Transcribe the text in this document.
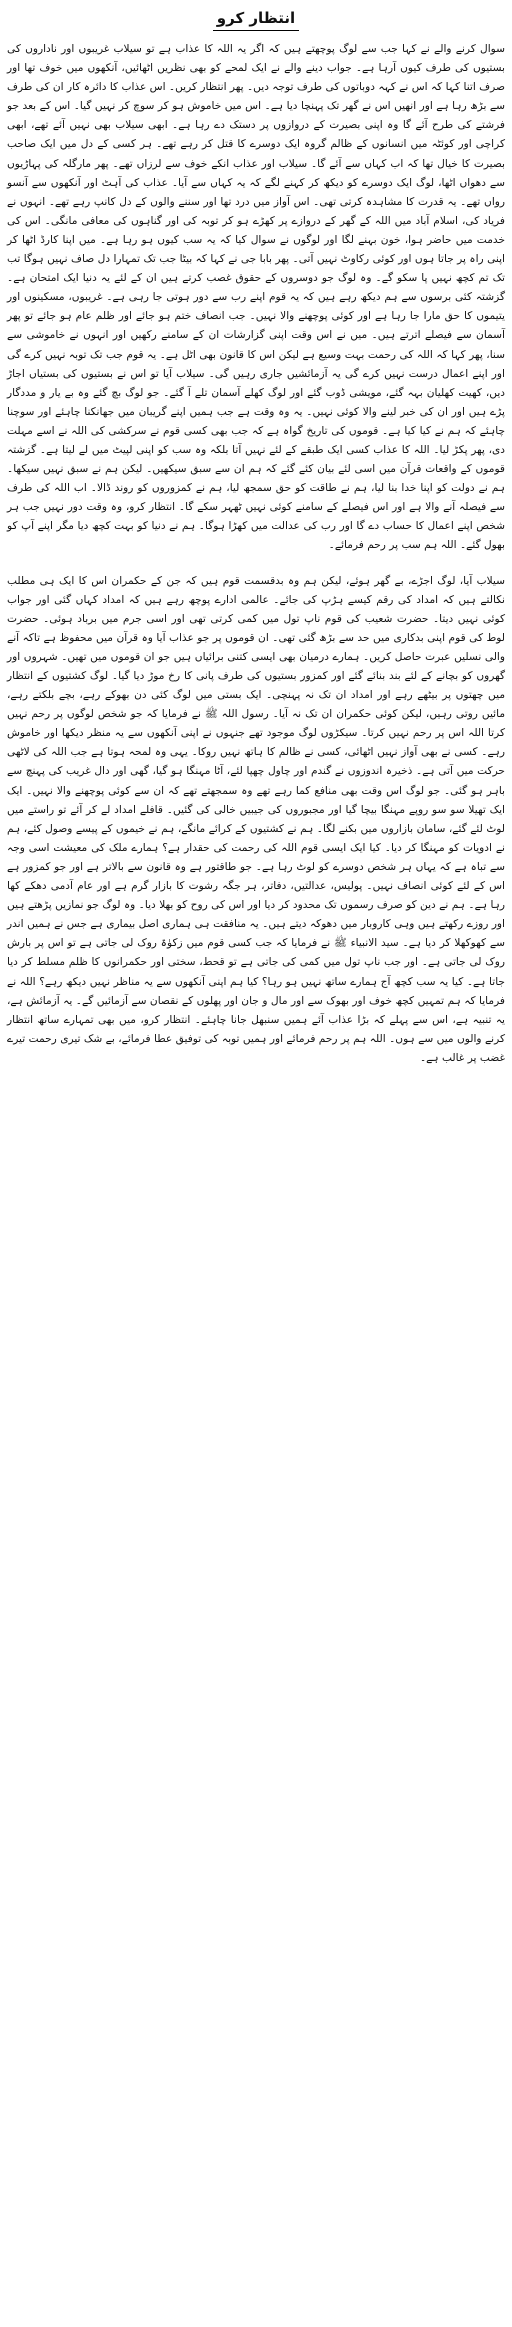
انتظار کرو

سوال کرنے والے نے کہا جب سے لوگ پوچھتے ہیں کہ اگر یہ اللہ کا عذاب ہے تو سیلاب غریبوں اور ناداروں کی بستیوں کی طرف کیوں آرہا ہے۔ جواب دینے والے نے ایک لمحے کو بھی نظریں اٹھائیں، آنکھوں میں خوف تھا اور صرف اتنا کہا کہ اس نے کہہ دوباتوں کی طرف توجہ دیں۔ پھر انتظار کریں۔ اس عذاب کا دائرہ کار ان کی طرف سے بڑھ رہا ہے اور انھیں اس نے گھر تک پہنچا دیا ہے۔ اس میں خاموش ہو کر سوچ کر نہیں گیا۔ اس کے بعد جو فرشتے کی طرح آئے گا وہ اپنی بصیرت کے دروازوں پر دستک دے رہا ہے۔ ابھی سیلاب بھی نہیں آئے تھے، ابھی کراچی اور کوئٹہ میں انسانوں کے ظالم گروہ ایک دوسرے کا قتل کر رہے تھے۔ ہر کسی کے دل میں ایک صاحب بصیرت کا خیال تھا کہ اب کہاں سے آئے گا۔ سیلاب اور عذاب انکے خوف سے لرزاں تھے۔ پھر مارگلہ کی پہاڑیوں سے دھواں اٹھا، لوگ ایک دوسرے کو دیکھ کر کہنے لگے کہ یہ کہاں سے آیا۔ عذاب کی آہٹ اور آنکھوں سے آنسو رواں تھے۔ یہ قدرت کا مشاہدہ کرتی تھی۔ اس آواز میں درد تھا اور سننے والوں کے دل کانپ رہے تھے۔ انہوں نے فریاد کی، اسلام آباد میں اللہ کے گھر کے دروازے پر کھڑے ہو کر توبہ کی اور گناہوں کی معافی مانگی۔ اس کی خدمت میں حاضر ہوا، خون بہنے لگا اور لوگوں نے سوال کیا کہ یہ سب کیوں ہو رہا ہے۔ میں اپنا کارڈ اٹھا کر اپنی راہ پر جاتا ہوں اور کوئی رکاوٹ نہیں آتی۔ پھر بابا جی نے کہا کہ بیٹا جب تک تمہارا دل صاف نہیں ہوگا تب تک تم کچھ نہیں پا سکو گے۔ وہ لوگ جو دوسروں کے حقوق غصب کرتے ہیں ان کے لئے یہ دنیا ایک امتحان ہے۔ گزشتہ کئی برسوں سے ہم دیکھ رہے ہیں کہ یہ قوم اپنے رب سے دور ہوتی جا رہی ہے۔ غریبوں، مسکینوں اور یتیموں کا حق مارا جا رہا ہے اور کوئی پوچھنے والا نہیں۔ جب انصاف ختم ہو جائے اور ظلم عام ہو جائے تو پھر آسمان سے فیصلے اترتے ہیں۔ میں نے اس وقت اپنی گزارشات ان کے سامنے رکھیں اور انہوں نے خاموشی سے سنا، پھر کہا کہ اللہ کی رحمت بہت وسیع ہے لیکن اس کا قانون بھی اٹل ہے۔ یہ قوم جب تک توبہ نہیں کرے گی اور اپنے اعمال درست نہیں کرے گی یہ آزمائشیں جاری رہیں گی۔ سیلاب آیا تو اس نے بستیوں کی بستیاں اجاڑ دیں، کھیت کھلیان بہہ گئے، مویشی ڈوب گئے اور لوگ کھلے آسمان تلے آ گئے۔ جو لوگ بچ گئے وہ بے یار و مددگار پڑے ہیں اور ان کی خبر لینے والا کوئی نہیں۔ یہ وہ وقت ہے جب ہمیں اپنے گریبان میں جھانکنا چاہئے اور سوچنا چاہئے کہ ہم نے کیا کیا ہے۔ قوموں کی تاریخ گواہ ہے کہ جب بھی کسی قوم نے سرکشی کی اللہ نے اسے مہلت دی، پھر پکڑ لیا۔ اللہ کا عذاب کسی ایک طبقے کے لئے نہیں آتا بلکہ وہ سب کو اپنی لپیٹ میں لے لیتا ہے۔ گزشتہ قوموں کے واقعات قرآن میں اسی لئے بیان کئے گئے کہ ہم ان سے سبق سیکھیں۔ لیکن ہم نے سبق نہیں سیکھا۔ ہم نے دولت کو اپنا خدا بنا لیا، ہم نے طاقت کو حق سمجھ لیا، ہم نے کمزوروں کو روند ڈالا۔ اب اللہ کی طرف سے فیصلہ آنے والا ہے اور اس فیصلے کے سامنے کوئی نہیں ٹھہر سکے گا۔ انتظار کرو، وہ وقت دور نہیں جب ہر شخص اپنے اعمال کا حساب دے گا اور رب کی عدالت میں کھڑا ہوگا۔ ہم نے دنیا کو بہت کچھ دیا مگر اپنے آپ کو بھول گئے۔ اللہ ہم سب پر رحم فرمائے۔

سیلاب آیا، لوگ اجڑے، بے گھر ہوئے، لیکن ہم وہ بدقسمت قوم ہیں کہ جن کے حکمران اس کا ایک ہی مطلب نکالتے ہیں کہ امداد کی رقم کیسے ہڑپ کی جائے۔ عالمی ادارے پوچھ رہے ہیں کہ امداد کہاں گئی اور جواب کوئی نہیں دیتا۔ حضرت شعیب کی قوم ناپ تول میں کمی کرتی تھی اور اسی جرم میں برباد ہوئی۔ حضرت لوط کی قوم اپنی بدکاری میں حد سے بڑھ گئی تھی۔ ان قوموں پر جو عذاب آیا وہ قرآن میں محفوظ ہے تاکہ آنے والی نسلیں عبرت حاصل کریں۔ ہمارے درمیان بھی ایسی کتنی برائیاں ہیں جو ان قوموں میں تھیں۔ شہروں اور گھروں کو بچانے کے لئے بند بنائے گئے اور کمزور بستیوں کی طرف پانی کا رخ موڑ دیا گیا۔ لوگ کشتیوں کے انتظار میں چھتوں پر بیٹھے رہے اور امداد ان تک نہ پہنچی۔ ایک بستی میں لوگ کئی دن بھوکے رہے، بچے بلکتے رہے، مائیں روتی رہیں، لیکن کوئی حکمران ان تک نہ آیا۔ رسول اللہ ﷺ نے فرمایا کہ جو شخص لوگوں پر رحم نہیں کرتا اللہ اس پر رحم نہیں کرتا۔ سیکڑوں لوگ موجود تھے جنہوں نے اپنی آنکھوں سے یہ منظر دیکھا اور خاموش رہے۔ کسی نے بھی آواز نہیں اٹھائی، کسی نے ظالم کا ہاتھ نہیں روکا۔ یہی وہ لمحہ ہوتا ہے جب اللہ کی لاٹھی حرکت میں آتی ہے۔ ذخیرہ اندوزوں نے گندم اور چاول چھپا لئے، آٹا مہنگا ہو گیا، گھی اور دال غریب کی پہنچ سے باہر ہو گئی۔ جو لوگ اس وقت بھی منافع کما رہے تھے وہ سمجھتے تھے کہ ان سے کوئی پوچھنے والا نہیں۔ ایک ایک تھیلا سو سو روپے مہنگا بیچا گیا اور مجبوروں کی جیبیں خالی کی گئیں۔ قافلے امداد لے کر آئے تو راستے میں لوٹ لئے گئے، سامان بازاروں میں بکنے لگا۔ ہم نے کشتیوں کے کرائے مانگے، ہم نے خیموں کے پیسے وصول کئے، ہم نے ادویات کو مہنگا کر دیا۔ کیا ایک ایسی قوم اللہ کی رحمت کی حقدار ہے؟ ہمارے ملک کی معیشت اسی وجہ سے تباہ ہے کہ یہاں ہر شخص دوسرے کو لوٹ رہا ہے۔ جو طاقتور ہے وہ قانون سے بالاتر ہے اور جو کمزور ہے اس کے لئے کوئی انصاف نہیں۔ پولیس، عدالتیں، دفاتر، ہر جگہ رشوت کا بازار گرم ہے اور عام آدمی دھکے کھا رہا ہے۔ ہم نے دین کو صرف رسموں تک محدود کر دیا اور اس کی روح کو بھلا دیا۔ وہ لوگ جو نمازیں پڑھتے ہیں اور روزے رکھتے ہیں وہی کاروبار میں دھوکہ دیتے ہیں۔ یہ منافقت ہی ہماری اصل بیماری ہے جس نے ہمیں اندر سے کھوکھلا کر دیا ہے۔ سید الانبیاء ﷺ نے فرمایا کہ جب کسی قوم میں زکوٰۃ روک لی جاتی ہے تو اس پر بارش روک لی جاتی ہے۔ اور جب ناپ تول میں کمی کی جاتی ہے تو قحط، سختی اور حکمرانوں کا ظلم مسلط کر دیا جاتا ہے۔ کیا یہ سب کچھ آج ہمارے ساتھ نہیں ہو رہا؟ کیا ہم اپنی آنکھوں سے یہ مناظر نہیں دیکھ رہے؟ اللہ نے فرمایا کہ ہم تمہیں کچھ خوف اور بھوک سے اور مال و جان اور پھلوں کے نقصان سے آزمائیں گے۔ یہ آزمائش ہے، یہ تنبیہ ہے، اس سے پہلے کہ بڑا عذاب آئے ہمیں سنبھل جانا چاہئے۔ انتظار کرو، میں بھی تمہارے ساتھ انتظار کرنے والوں میں سے ہوں۔ اللہ ہم پر رحم فرمائے اور ہمیں توبہ کی توفیق عطا فرمائے، بے شک تیری رحمت تیرے غضب پر غالب ہے۔
